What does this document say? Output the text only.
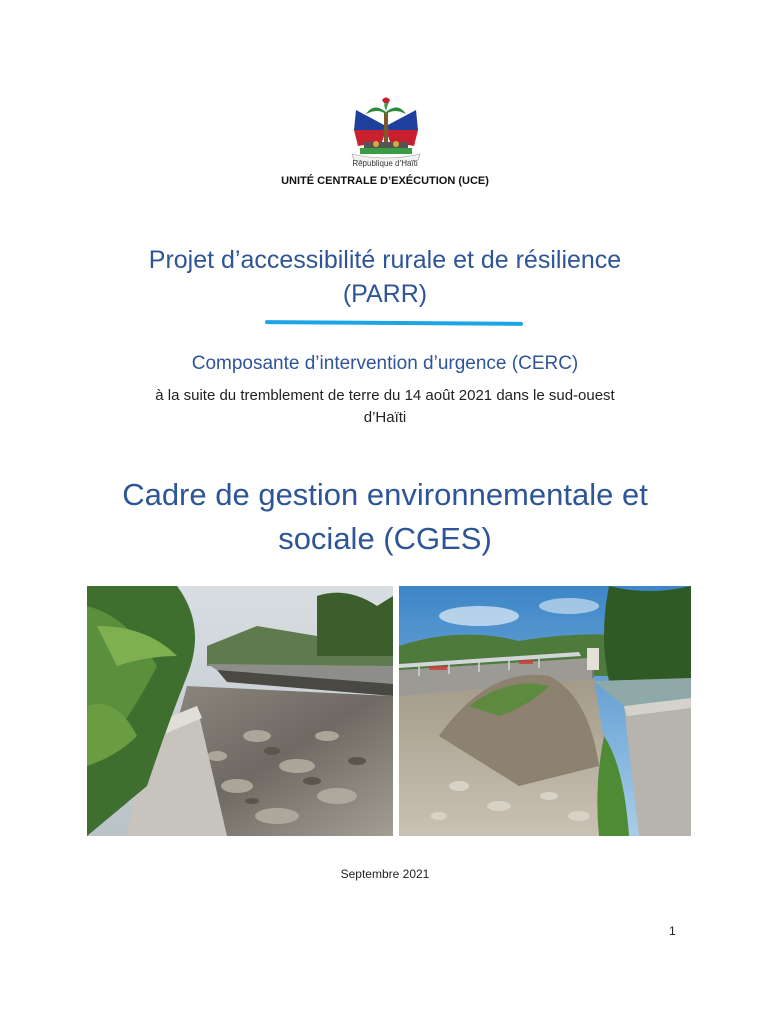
République d’Haïti
UNITÉ CENTRALE D’EXÉCUTION (UCE)
Projet d’accessibilité rurale et de résilience
(PARR)
Composante d’intervention d’urgence (CERC)
à la suite du tremblement de terre du 14 août 2021 dans le sud-ouest
d’Haïti
Cadre de gestion environnementale et
sociale (CGES)
Septembre 2021
1
